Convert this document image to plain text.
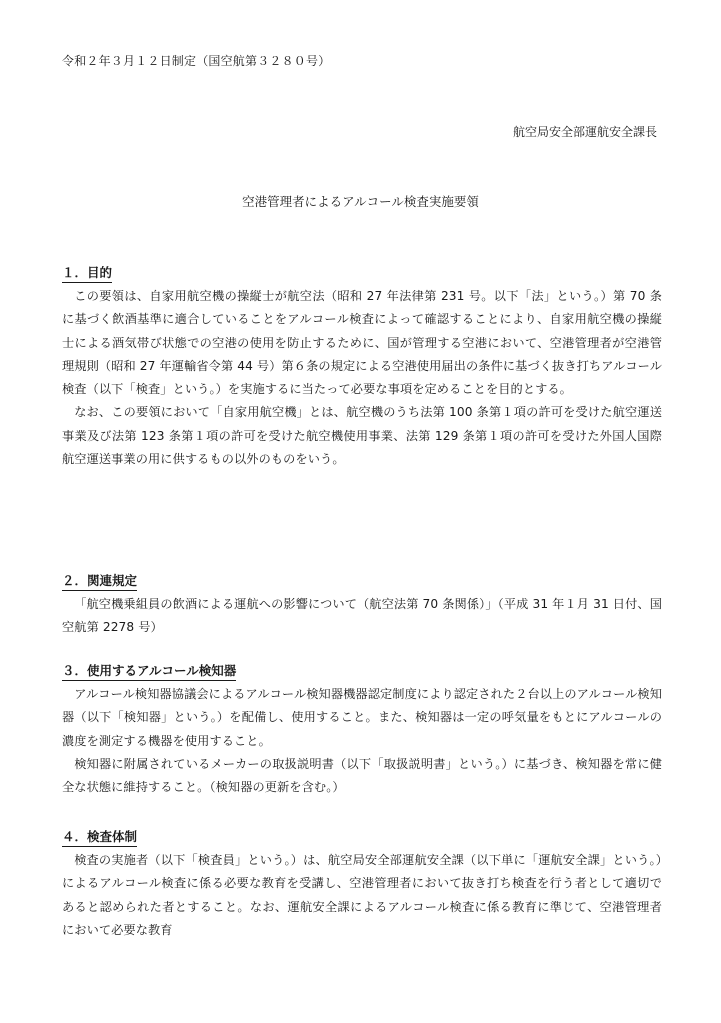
令和２年３月１２日制定（国空航第３２８０号）
航空局安全部運航安全課長
空港管理者によるアルコール検査実施要領
１．目的

この要領は、自家用航空機の操縦士が航空法（昭和 27 年法律第 231 号。以下「法」という。）第 70 条に基づく飲酒基準に適合していることをアルコール検査によって確認することにより、自家用航空機の操縦士による酒気帯び状態での空港の使用を防止するために、国が管理する空港において、空港管理者が空港管理規則（昭和 27 年運輸省令第 44 号）第６条の規定による空港使用届出の条件に基づく抜き打ちアルコール検査（以下「検査」という。）を実施するに当たって必要な事項を定めることを目的とする。

なお、この要領において「自家用航空機」とは、航空機のうち法第 100 条第１項の許可を受けた航空運送事業及び法第 123 条第１項の許可を受けた航空機使用事業、法第 129 条第１項の許可を受けた外国人国際航空運送事業の用に供するもの以外のものをいう。

２．関連規定

「航空機乗組員の飲酒による運航への影響について（航空法第 70 条関係）」（平成 31 年１月 31 日付、国空航第 2278 号）

３．使用するアルコール検知器

アルコール検知器協議会によるアルコール検知器機器認定制度により認定された２台以上のアルコール検知器（以下「検知器」という。）を配備し、使用すること。また、検知器は一定の呼気量をもとにアルコールの濃度を測定する機器を使用すること。

検知器に附属されているメーカーの取扱説明書（以下「取扱説明書」という。）に基づき、検知器を常に健全な状態に維持すること。（検知器の更新を含む。）

４．検査体制

検査の実施者（以下「検査員」という。）は、航空局安全部運航安全課（以下単に「運航安全課」という。）によるアルコール検査に係る必要な教育を受講し、空港管理者において抜き打ち検査を行う者として適切であると認められた者とすること。なお、運航安全課によるアルコール検査に係る教育に準じて、空港管理者において必要な教育
